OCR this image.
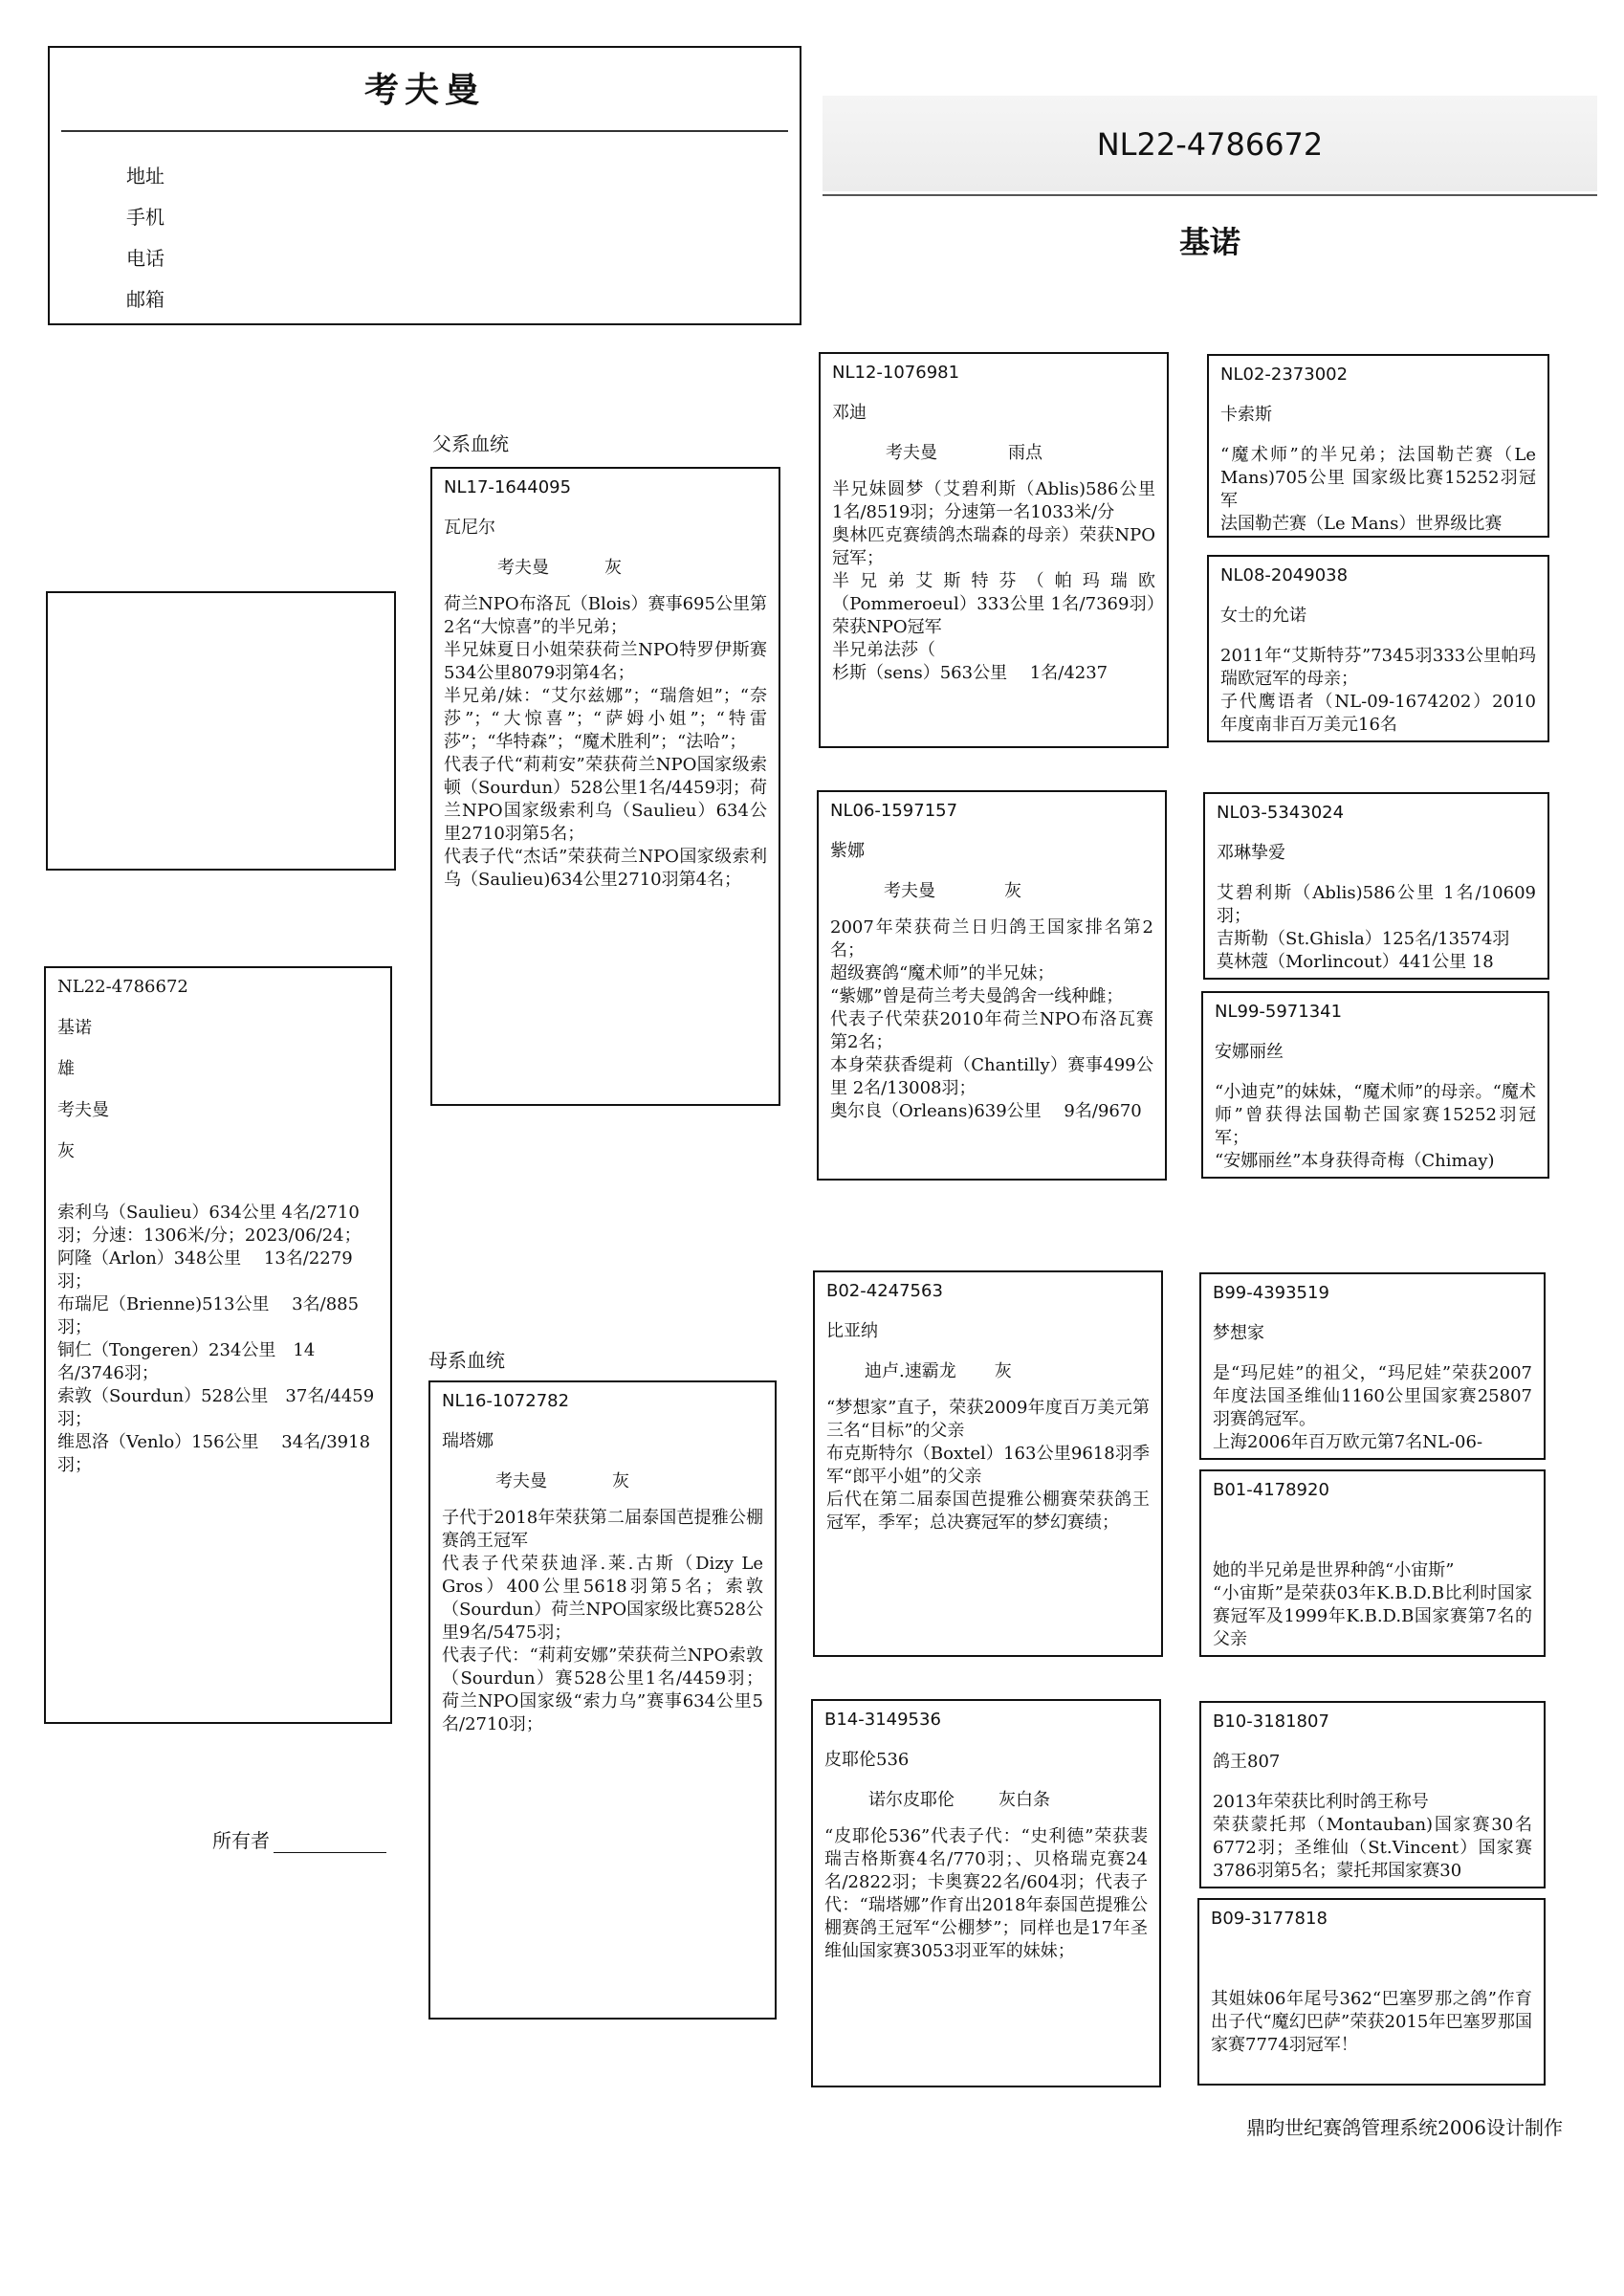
考夫曼
地址
手机
电话
邮箱
NL22-4786672
基诺
父系血统
母系血统
NL22-4786672
基诺
雄
考夫曼
灰
索利乌（Saulieu）634公里 4名/2710羽；分速：1306米/分；2023/06/24；
阿隆（Arlon）348公里　 13名/2279羽；
布瑞尼（Brienne)513公里　 3名/885羽；
铜仁（Tongeren）234公里　14名/3746羽；
索敦（Sourdun）528公里　37名/4459羽；
维恩洛（Venlo）156公里　 34名/3918羽；
NL17-1644095
瓦尼尔
考夫曼	灰
荷兰NPO布洛瓦（Blois）赛事695公里第2名“大惊喜”的半兄弟；
半兄妹夏日小姐荣获荷兰NPO特罗伊斯赛534公里8079羽第4名；
半兄弟/妹：“艾尔兹娜”；“瑞詹妲”；“奈莎”；“大惊喜”；“萨姆小姐”；“特雷莎”；“华特森”；“魔术胜利”；“法哈”；
代表子代“莉莉安”荣获荷兰NPO国家级索顿（Sourdun）528公里1名/4459羽；荷兰NPO国家级索利乌（Saulieu）634公里2710羽第5名；
代表子代“杰话”荣获荷兰NPO国家级索利乌（Saulieu)634公里2710羽第4名；
NL16-1072782
瑞塔娜
考夫曼	灰
子代于2018年荣获第二届泰国芭提雅公棚赛鸽王冠军
代表子代荣获迪泽.莱.古斯（Dizy Le Gros）400公里5618羽第5名；索敦（Sourdun）荷兰NPO国家级比赛528公里9名/5475羽；
代表子代：“莉莉安娜”荣获荷兰NPO索敦（Sourdun）赛528公里1名/4459羽；荷兰NPO国家级“索力乌”赛事634公里5名/2710羽；
NL12-1076981
邓迪
考夫曼	雨点
半兄妹圆梦（艾碧利斯（Ablis)586公里　1名/8519羽；分速第一名1033米/分
奥林匹克赛绩鸽杰瑞森的母亲）荣获NPO冠军；
半兄弟艾斯特芬（帕玛瑞欧（Pommeroeul）333公里 1名/7369羽）荣获NPO冠军
半兄弟法莎（
杉斯（sens）563公里　 1名/4237
NL06-1597157
紫娜
考夫曼	灰
2007年荣获荷兰日归鸽王国家排名第2名；
超级赛鸽“魔术师”的半兄妹；
“紫娜”曾是荷兰考夫曼鸽舍一线种雌；
代表子代荣获2010年荷兰NPO布洛瓦赛第2名；
本身荣获香缇莉（Chantilly）赛事499公里 2名/13008羽；
奥尔良（Orleans)639公里　 9名/9670
B02-4247563
比亚纳
迪卢.速霸龙 灰
“梦想家”直子，荣获2009年度百万美元第三名“目标”的父亲
布克斯特尔（Boxtel）163公里9618羽季军“郎平小姐”的父亲
后代在第二届泰国芭提雅公棚赛荣获鸽王冠军，季军；总决赛冠军的梦幻赛绩；
B14-3149536
皮耶伦536
诺尔皮耶伦	灰白条
“皮耶伦536”代表子代：“史利德”荣获裴瑞吉格斯赛4名/770羽；、贝格瑞克赛24名/2822羽；卡奥赛22名/604羽；代表子代：“瑞塔娜”作育出2018年泰国芭提雅公棚赛鸽王冠军“公棚梦”；同样也是17年圣维仙国家赛3053羽亚军的妹妹；
NL02-2373002
卡索斯
“魔术师”的半兄弟；法国勒芒赛（Le Mans)705公里 国家级比赛15252羽冠军
法国勒芒赛（Le Mans）世界级比赛
NL08-2049038
女士的允诺
2011年“艾斯特芬”7345羽333公里帕玛瑞欧冠军的母亲；
子代鹰语者（NL-09-1674202）2010年度南非百万美元16名
NL03-5343024
邓琳挚爱
艾碧利斯（Ablis)586公里 1名/10609羽；
吉斯勒（St.Ghisla）125名/13574羽
莫林蔻（Morlincout）441公里 18
NL99-5971341
安娜丽丝
“小迪克”的妹妹，“魔术师”的母亲。“魔术师”曾获得法国勒芒国家赛15252羽冠军；
“安娜丽丝”本身获得奇梅（Chimay)
B99-4393519
梦想家
是“玛尼娃”的祖父，“玛尼娃”荣获2007年度法国圣维仙1160公里国家赛25807羽赛鸽冠军。
上海2006年百万欧元第7名NL-06-
B01-4178920
她的半兄弟是世界种鸽“小宙斯”
“小宙斯”是荣获03年K.B.D.B比利时国家赛冠军及1999年K.B.D.B国家赛第7名的父亲
B10-3181807
鸽王807
2013年荣获比利时鸽王称号
荣获蒙托邦（Montauban)国家赛30名6772羽；圣维仙（St.Vincent）国家赛3786羽第5名；蒙托邦国家赛30
B09-3177818
其姐妹06年尾号362“巴塞罗那之鸽”作育出子代“魔幻巴萨”荣获2015年巴塞罗那国家赛7774羽冠军！
所有者
鼎昀世纪赛鸽管理系统2006设计制作
